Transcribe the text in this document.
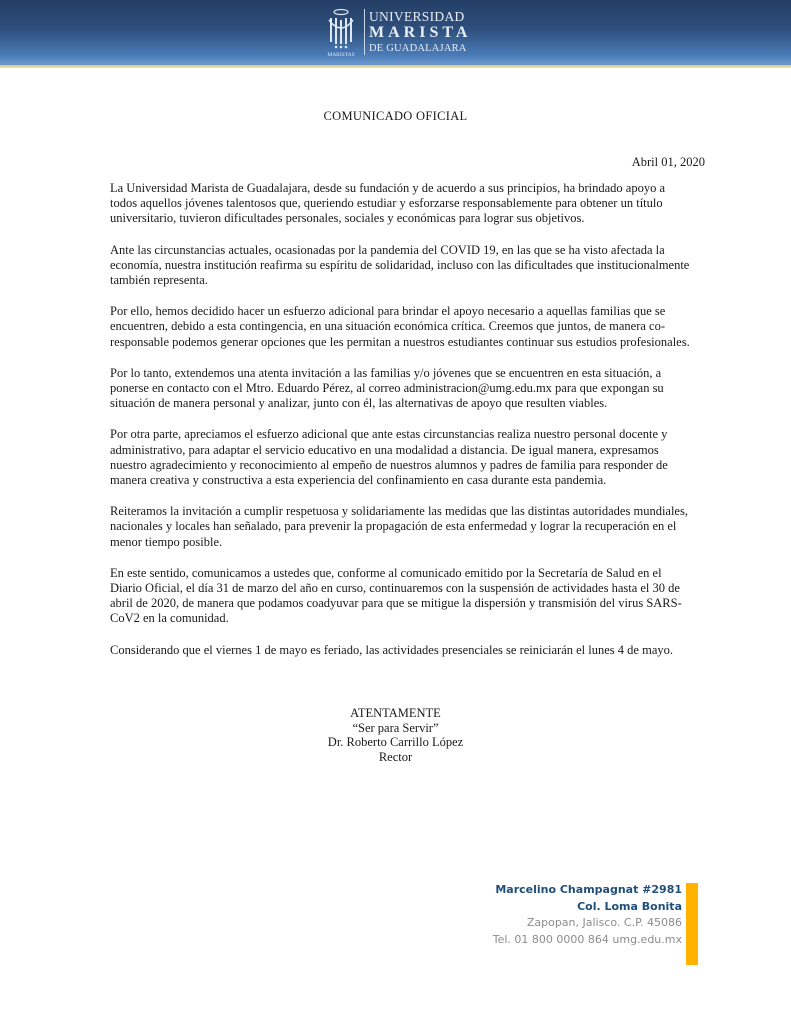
MARISTAS
UNIVERSIDAD
MARISTA
DE GUADALAJARA
COMUNICADO OFICIAL
Abril 01, 2020

La Universidad Marista de Guadalajara, desde su fundación y de acuerdo a sus principios, ha brindado apoyo a todos aquellos jóvenes talentosos que, queriendo estudiar y esforzarse responsablemente para obtener un título universitario, tuvieron dificultades personales, sociales y económicas para lograr sus objetivos.

Ante las circunstancias actuales, ocasionadas por la pandemia del COVID 19, en las que se ha visto afectada la economía, nuestra institución reafirma su espíritu de solidaridad, incluso con las dificultades que institucionalmente también representa.

Por ello, hemos decidido hacer un esfuerzo adicional para brindar el apoyo necesario a aquellas familias que se encuentren, debido a esta contingencia, en una situación económica crítica. Creemos que juntos, de manera co-responsable podemos generar opciones que les permitan a nuestros estudiantes continuar sus estudios profesionales.

Por lo tanto, extendemos una atenta invitación a las familias y/o jóvenes que se encuentren en esta situación, a ponerse en contacto con el Mtro. Eduardo Pérez, al correo administracion@umg.edu.mx para que expongan su situación de manera personal y analizar, junto con él, las alternativas de apoyo que resulten viables.

Por otra parte, apreciamos el esfuerzo adicional que ante estas circunstancias realiza nuestro personal docente y administrativo, para adaptar el servicio educativo en una modalidad a distancia. De igual manera, expresamos nuestro agradecimiento y reconocimiento al empeño de nuestros alumnos y padres de familia para responder de manera creativa y constructiva a esta experiencia del confinamiento en casa durante esta pandemia.

Reiteramos la invitación a cumplir respetuosa y solidariamente las medidas que las distintas autoridades mundiales, nacionales y locales han señalado, para prevenir la propagación de esta enfermedad y lograr la recuperación en el menor tiempo posible.

En este sentido, comunicamos a ustedes que, conforme al comunicado emitido por la Secretaría de Salud en el Diario Oficial, el día 31 de marzo del año en curso, continuaremos con la suspensión de actividades hasta el 30 de abril de 2020, de manera que podamos coadyuvar para que se mitigue la dispersión y transmisión del virus SARS- CoV2 en la comunidad.

Considerando que el viernes 1 de mayo es feriado, las actividades presenciales se reiniciarán el lunes 4 de mayo.

ATENTAMENTE
“Ser para Servir”
Dr. Roberto Carrillo López
Rector
Marcelino Champagnat #2981
Col. Loma Bonita
Zapopan, Jalisco. C.P. 45086
Tel. 01 800 0000 864 umg.edu.mx
